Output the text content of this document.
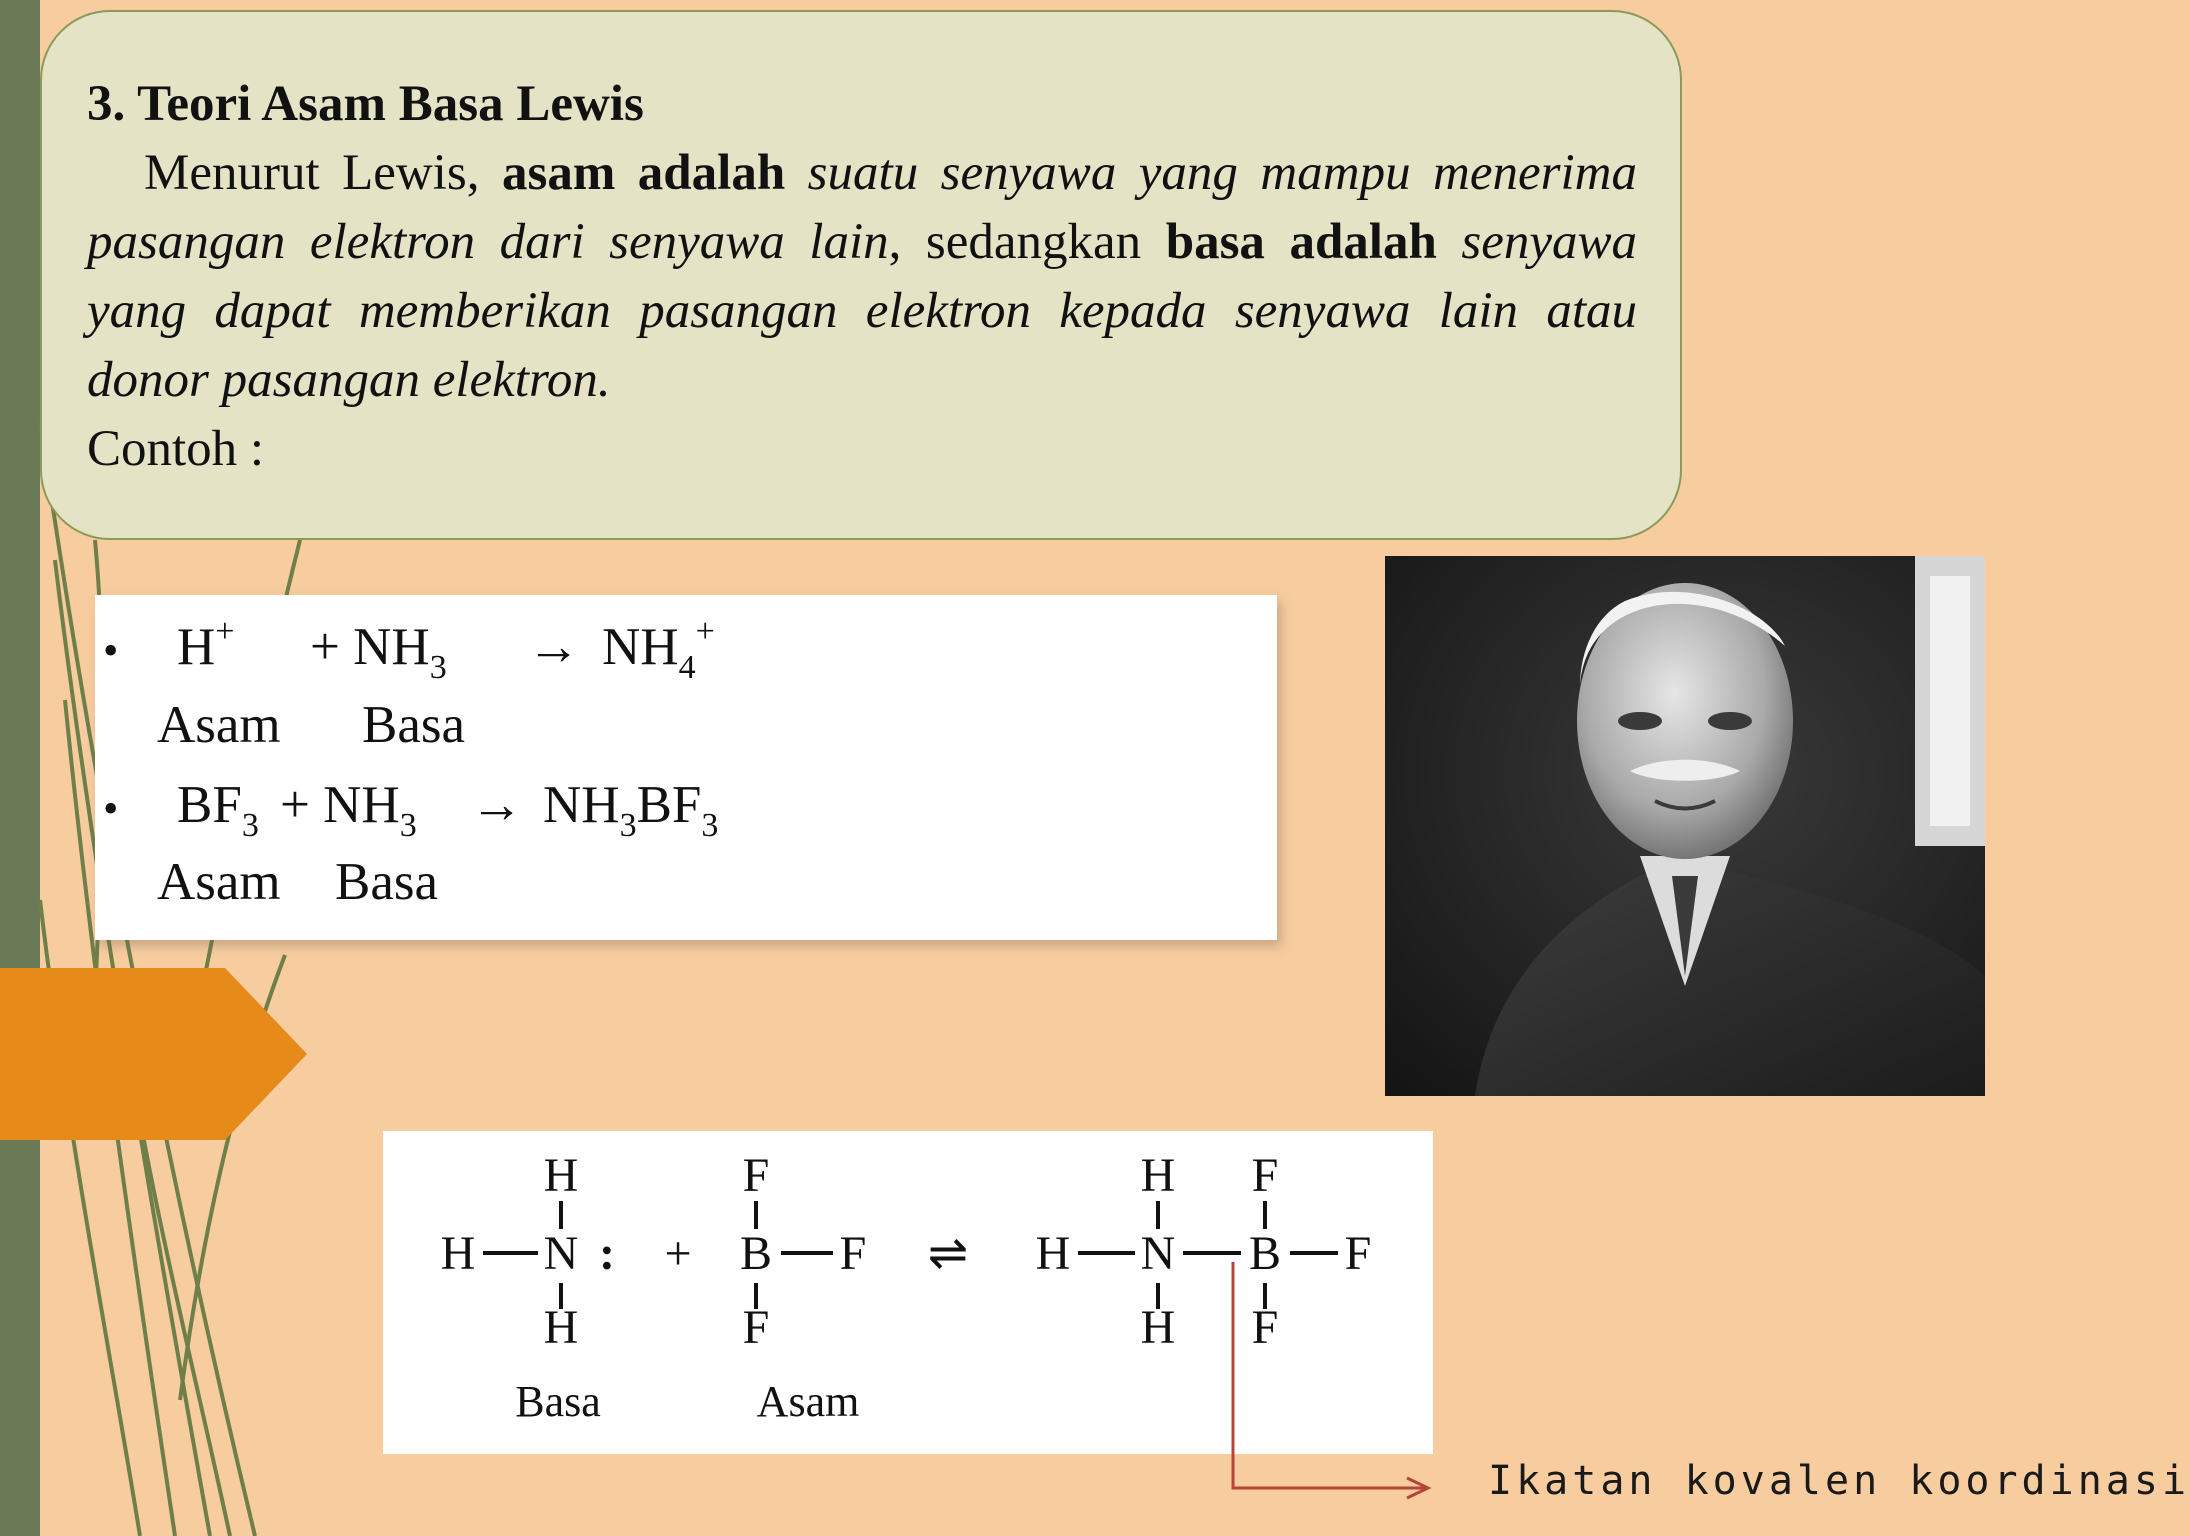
3. Teori Asam Basa Lewis

Menurut Lewis, asam adalah suatu senyawa yang mampu menerima pasangan elektron dari senyawa lain, sedangkan basa adalah senyawa yang dapat memberikan pasangan elektron kepada senyawa lain atau donor pasangan elektron.

Contoh :

• $H^+ + NH_3 \to NH_4^+$
Asam Basa
• $BF_3 + NH_3 \to NH_3BF_3$
Asam Basa
H
N
H
H	: +
F
B
F
F ⇌ H
H
N
H
F
B
F
F
Basa	Asam
Ikatan kovalen koordinasi
